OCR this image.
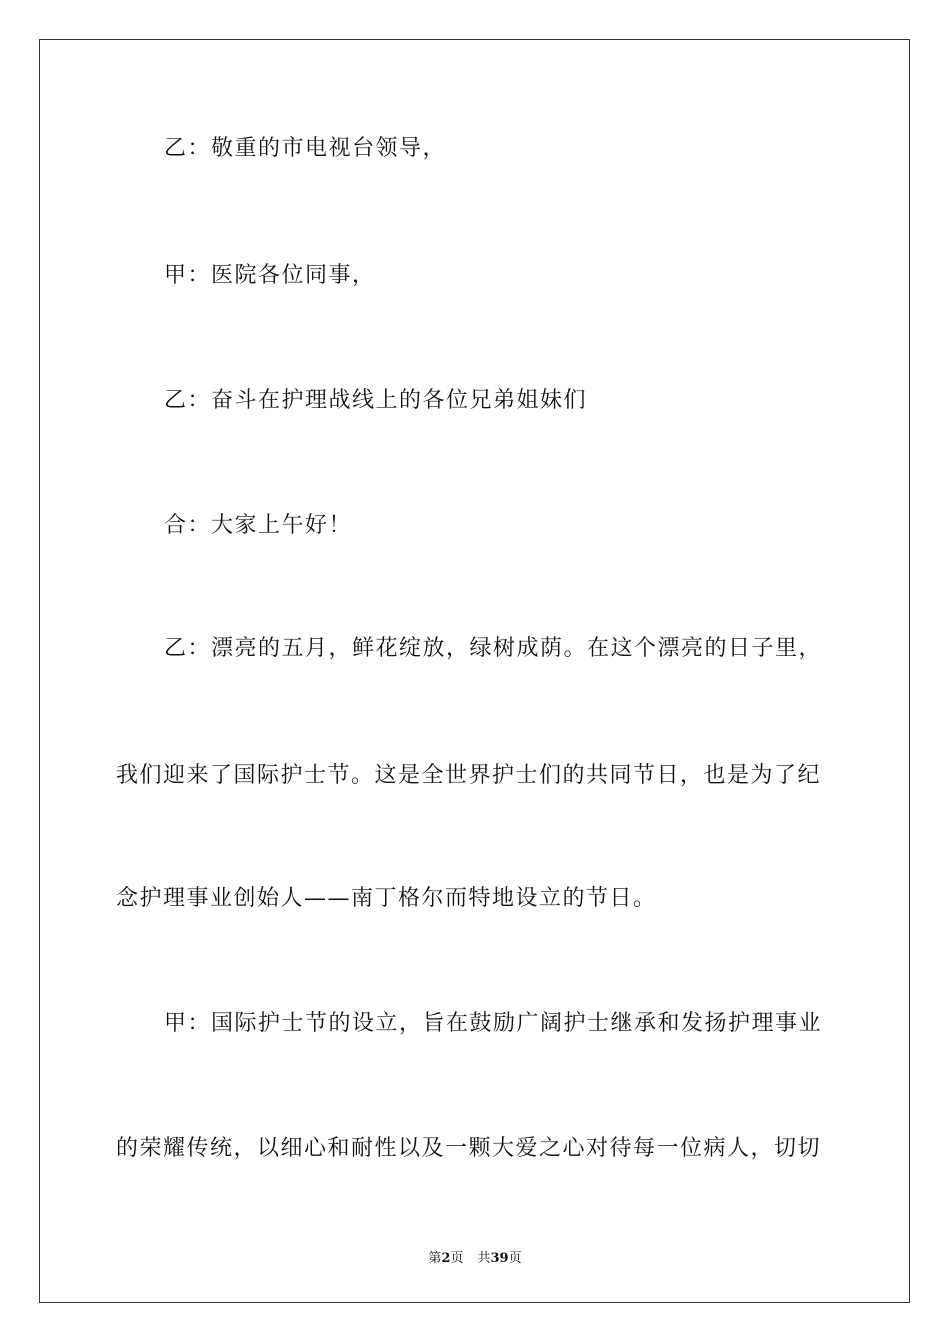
乙：敬重的市电视台领导，
甲：医院各位同事，
乙：奋斗在护理战线上的各位兄弟姐妹们
合：大家上午好！
乙：漂亮的五月，鲜花绽放，绿树成荫。在这个漂亮的日子里，
我们迎来了国际护士节。这是全世界护士们的共同节日，也是为了纪
念护理事业创始人——南丁格尔而特地设立的节日。
甲：国际护士节的设立，旨在鼓励广阔护士继承和发扬护理事业
的荣耀传统，以细心和耐性以及一颗大爱之心对待每一位病人，切切
第2页 共39页
